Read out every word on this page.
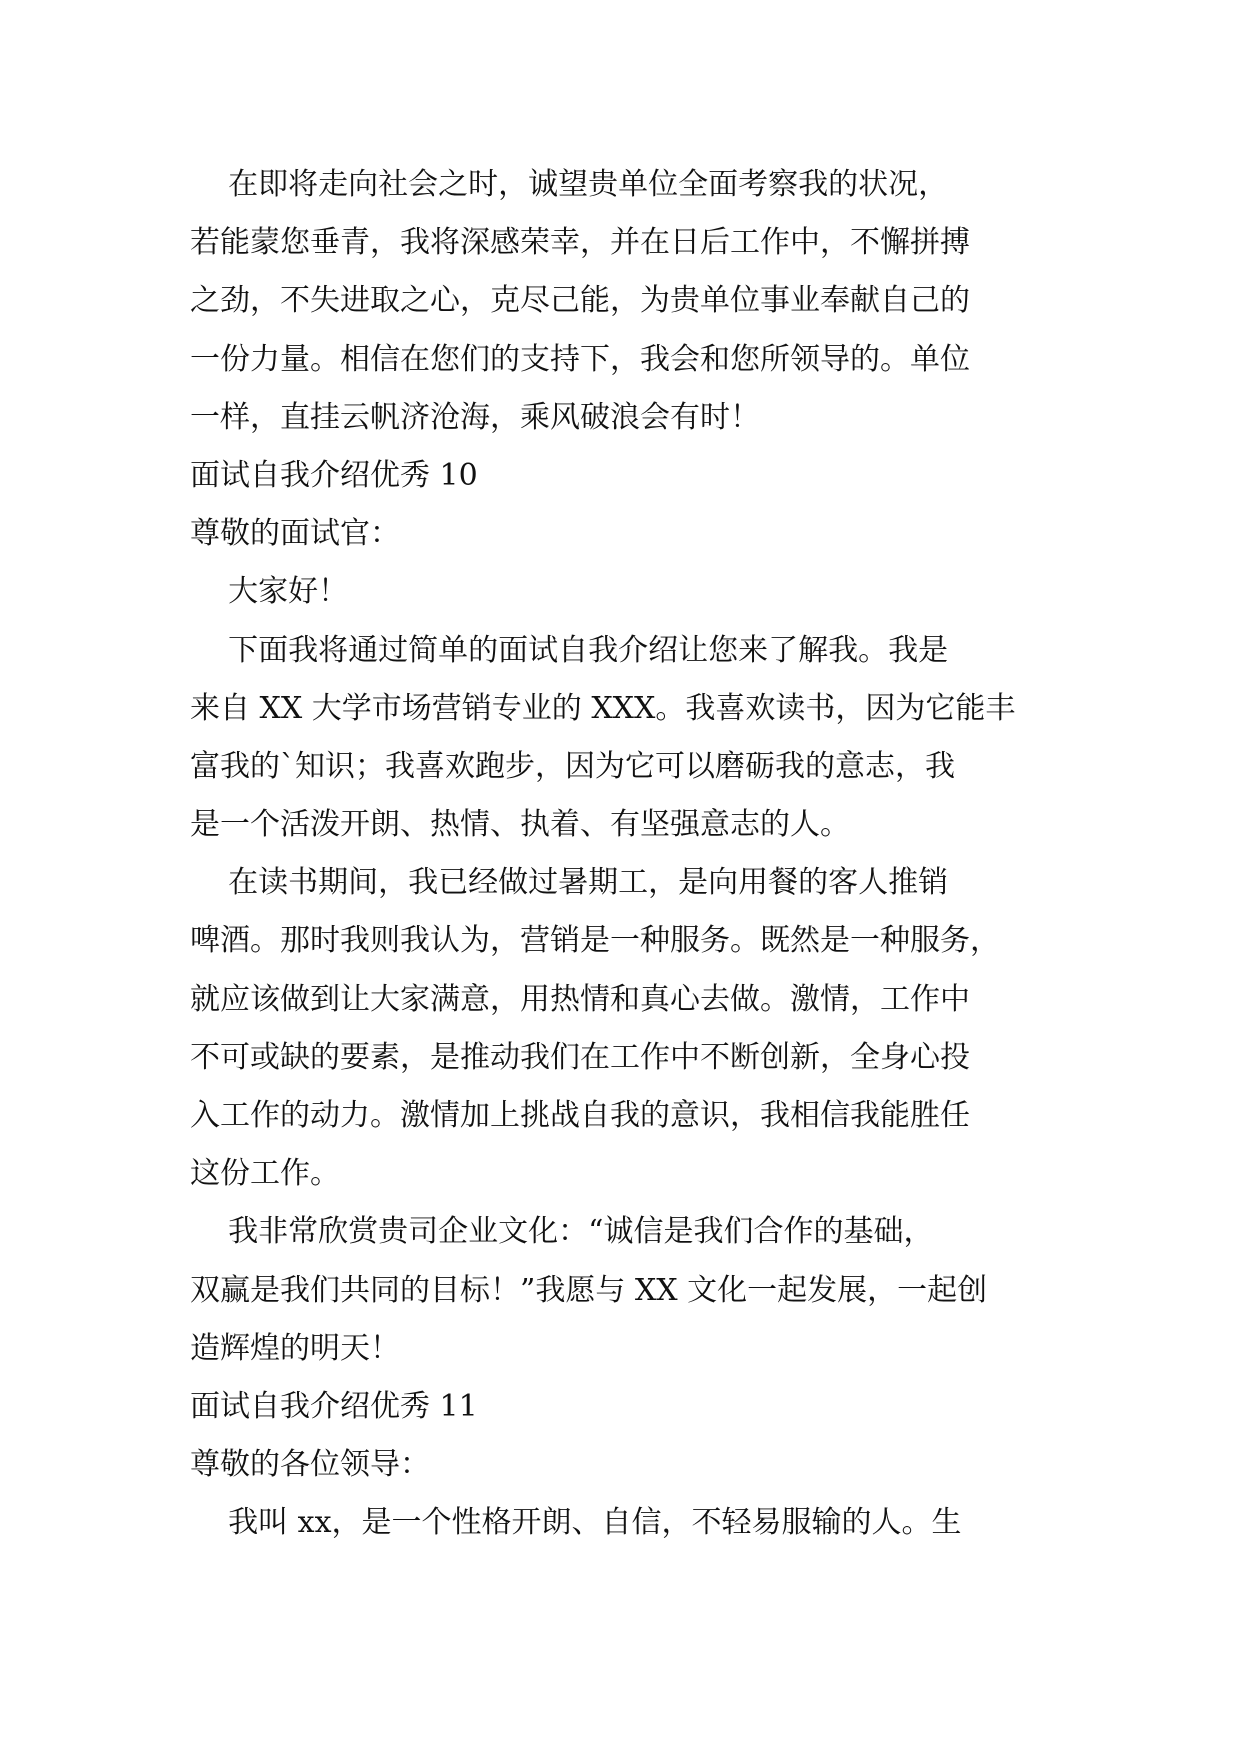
在即将走向社会之时，诚望贵单位全面考察我的状况，
若能蒙您垂青，我将深感荣幸，并在日后工作中，不懈拼搏
之劲，不失进取之心，克尽己能，为贵单位事业奉献自己的
一份力量。相信在您们的支持下，我会和您所领导的。单位
一样，直挂云帆济沧海，乘风破浪会有时！
面试自我介绍优秀 10
尊敬的面试官：
大家好！
下面我将通过简单的面试自我介绍让您来了解我。我是
来自 XX 大学市场营销专业的 XXX。我喜欢读书，因为它能丰
富我的`知识；我喜欢跑步，因为它可以磨砺我的意志，我
是一个活泼开朗、热情、执着、有坚强意志的人。
在读书期间，我已经做过暑期工，是向用餐的客人推销
啤酒。那时我则我认为，营销是一种服务。既然是一种服务，
就应该做到让大家满意，用热情和真心去做。激情，工作中
不可或缺的要素，是推动我们在工作中不断创新，全身心投
入工作的动力。激情加上挑战自我的意识，我相信我能胜任
这份工作。
我非常欣赏贵司企业文化：“诚信是我们合作的基础，
双赢是我们共同的目标！”我愿与 XX 文化一起发展，一起创
造辉煌的明天！
面试自我介绍优秀 11
尊敬的各位领导：
我叫 xx，是一个性格开朗、自信，不轻易服输的人。生
